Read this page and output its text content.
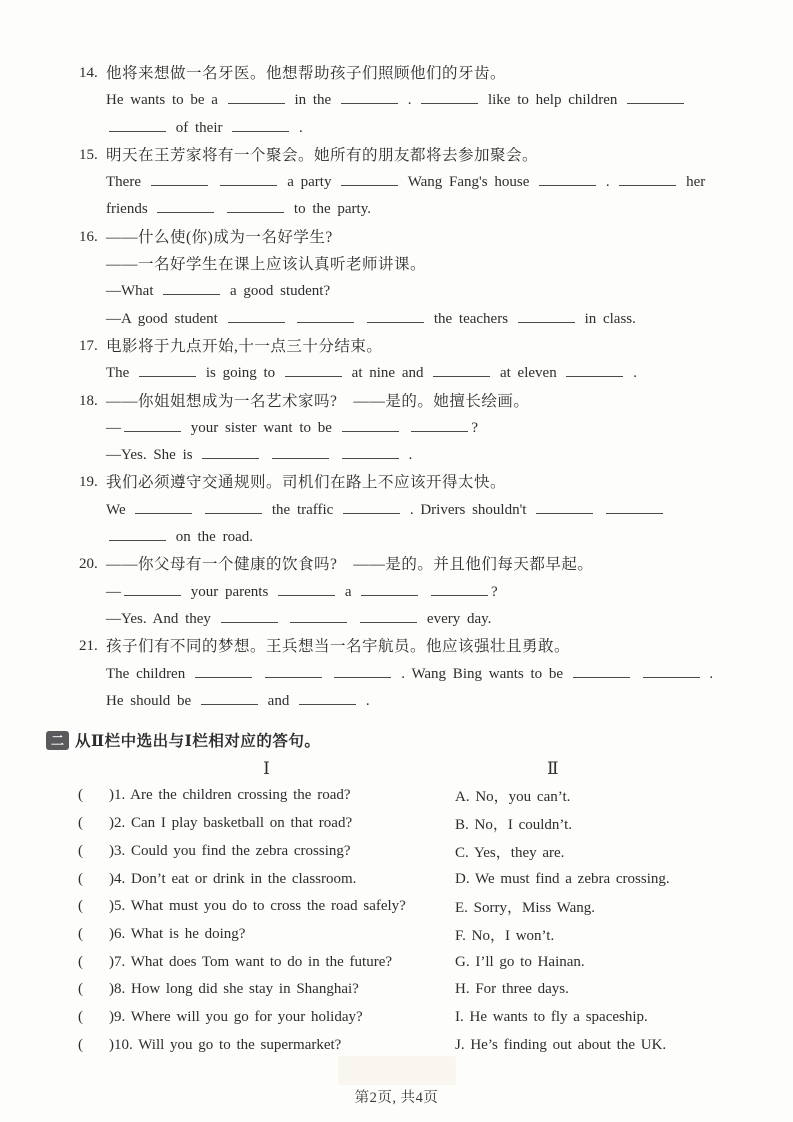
14. 他将来想做一名牙医。他想帮助孩子们照顾他们的牙齿。
He wants to be a	in the	.	like to help children
of their	.
15. 明天在王芳家将有一个聚会。她所有的朋友都将去参加聚会。
There	a party	Wang Fang's house	.	her
friends	to the party.
16. ——什么使(你)成为一名好学生?
——一名好学生在课上应该认真听老师讲课。
—What	a good student?
—A good student	the teachers	in class.
17. 电影将于九点开始,十一点三十分结束。
The	is going to	at nine and	at eleven	.
18. ——你姐姐想成为一名艺术家吗?　——是的。她擅长绘画。
—	your sister want to be	?
—Yes. She is	.
19. 我们必须遵守交通规则。司机们在路上不应该开得太快。
We	the traffic	. Drivers shouldn't
on the road.
20. ——你父母有一个健康的饮食吗?　——是的。并且他们每天都早起。
—	your parents	a	?
—Yes. And they	every day.
21. 孩子们有不同的梦想。王兵想当一名宇航员。他应该强壮且勇敢。
The children	. Wang Bing wants to be	.
He should be	and	.
二 从Ⅱ栏中选出与Ⅰ栏相对应的答句。
Ⅰ	Ⅱ
( )1. Are the children crossing the road?	A. No，you can’t.
( )2. Can I play basketball on that road?	B. No，I couldn’t.
( )3. Could you find the zebra crossing?	C. Yes，they are.
( )4. Don’t eat or drink in the classroom.	D. We must find a zebra crossing.
( )5. What must you do to cross the road safely?	E. Sorry，Miss Wang.
( )6. What is he doing?	F. No，I won’t.
( )7. What does Tom want to do in the future?	G. I’ll go to Hainan.
( )8. How long did she stay in Shanghai?	H. For three days.
( )9. Where will you go for your holiday?	I. He wants to fly a spaceship.
( )10. Will you go to the supermarket?	J. He’s finding out about the UK.
第2页, 共4页
